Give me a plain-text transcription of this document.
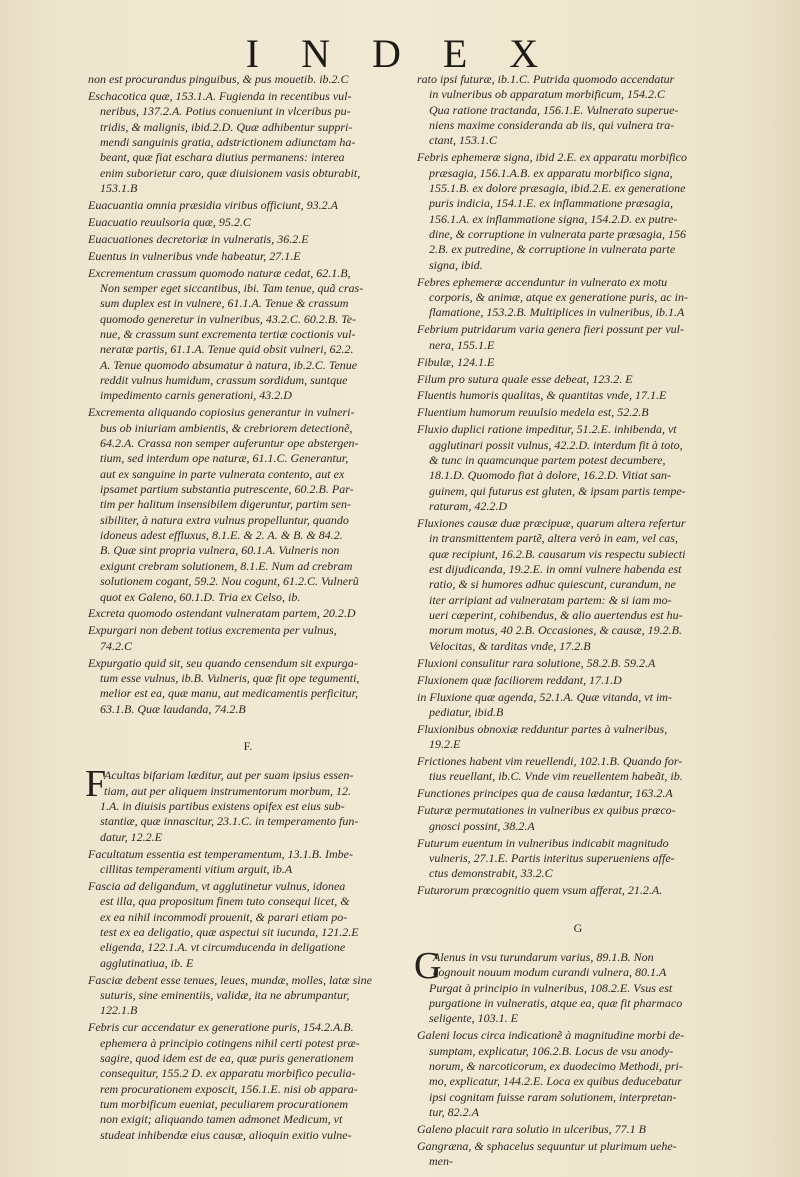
I N D E X
non est procurandus pinguibus, & pus mouetib. ib.2.C
Eschacotica quæ, 153.1.A. Fugienda in recentibus vul-
neribus, 137.2.A. Potius conueniunt in vlceribus pu-
tridis, & malignis, ibid.2.D. Quæ adhibentur suppri-
mendi sanguinis gratia, adstrictionem adiunctam ha-
beant, quæ fiat eschara diutius permanens: interea
enim suborietur caro, quæ diuisionem vasis obturabit,
153.1.B
Euacuantia omnia præsidia viribus officiunt, 93.2.A
Euacuatio reuulsoria quæ, 95.2.C
Euacuationes decretoriæ in vulneratis, 36.2.E
Euentus in vulneribus vnde habeatur, 27.1.E
Excrementum crassum quomodo naturæ cedat, 62.1.B,
Non semper eget siccantibus, ibi. Tam tenue, quã cras-
sum duplex est in vulnere, 61.1.A. Tenue & crassum
quomodo generetur in vulneribus, 43.2.C. 60.2.B. Te-
nue, & crassum sunt excrementa tertiæ coctionis vul-
neratæ partis, 61.1.A. Tenue quid obsit vulneri, 62.2.
A. Tenue quomodo absumatur à natura, ib.2.C. Tenue
reddit vulnus humidum, crassum sordidum, suntque
impedimento carnis generationi, 43.2.D
Excrementa aliquando copiosius generantur in vulneri-
bus ob iniuriam ambientis, & crebriorem detectionẽ,
64.2.A. Crassa non semper auferuntur ope abstergen-
tium, sed interdum ope naturæ, 61.1.C. Generantur,
aut ex sanguine in parte vulnerata contento, aut ex
ipsamet partium substantia putrescente, 60.2.B. Par-
tim per halitum insensibilem digeruntur, partim sen-
sibiliter, à natura extra vulnus propelluntur, quando
idoneus adest effluxus, 8.1.E. & 2. A. & B. & 84.2.
B. Quæ sint propria vulnera, 60.1.A. Vulneris non
exigunt crebram solutionem, 8.1.E. Num ad crebram
solutionem cogant, 59.2. Nou cogunt, 61.2.C. Vulnerũ
quot ex Galeno, 60.1.D. Tria ex Celso, ib.
Excreta quomodo ostendant vulneratam partem, 20.2.D
Expurgari non debent totius excrementa per vulnus,
74.2.C
Expurgatio quid sit, seu quando censendum sit expurga-
tum esse vulnus, ib.B. Vulneris, quæ fit ope tegumenti,
melior est ea, quæ manu, aut medicamentis perficitur,
63.1.B. Quæ laudanda, 74.2.B
F.
F
Acultas bifariam læditur, aut per suam ipsius essen-
tiam, aut per aliquem instrumentorum morbum, 12.
1.A. in diuisis partibus existens opifex est eius sub-
stantiæ, quæ innascitur, 23.1.C. in temperamento fun-
datur, 12.2.E
Facultatum essentia est temperamentum, 13.1.B. Imbe-
cillitas temperamenti vitium arguit, ib.A
Fascia ad deligandum, vt agglutinetur vulnus, idonea
est illa, qua propositum finem tuto consequi licet, &
ex ea nihil incommodi prouenit, & parari etiam po-
test ex ea deligatio, quæ aspectui sit iucunda, 121.2.E
eligenda, 122.1.A. vt circumducenda in deligatione
agglutinatiua, ib. E
Fasciæ debent esse tenues, leues, mundæ, molles, latæ sine
suturis, sine eminentiis, validæ, ita ne abrumpantur,
122.1.B
Febris cur accendatur ex generatione puris, 154.2.A.B.
ephemera à principio cotingens nihil certi potest præ-
sagire, quod idem est de ea, quæ puris generationem
consequitur, 155.2 D. ex apparatu morbifico peculia-
rem procurationem exposcit, 156.1.E. nisi ob appara-
tum morbificum eueniat, peculiarem procurationem
non exigit; aliquando tamen admonet Medicum, vt
studeat inhibendæ eius causæ, alioquin exitio vulne-
rato ipsi futuræ, ib.1.C. Putrida quomodo accendatur
in vulneribus ob apparatum morbificum, 154.2.C
Qua ratione tractanda, 156.1.E. Vulnerato superue-
niens maxime consideranda ab iis, qui vulnera tra-
ctant, 153.1.C
Febris ephemeræ signa, ibid 2.E. ex apparatu morbifico
præsagia, 156.1.A.B. ex apparatu morbifico signa,
155.1.B. ex dolore præsagia, ibid.2.E. ex generatione
puris indicia, 154.1.E. ex inflammatione præsagia,
156.1.A. ex inflammatione signa, 154.2.D. ex putre-
dine, & corruptione in vulnerata parte præsagia, 156
2.B. ex putredine, & corruptione in vulnerata parte
signa, ibid.
Febres ephemeræ accenduntur in vulnerato ex motu
corporis, & animæ, atque ex generatione puris, ac in-
flamatione, 153.2.B. Multiplices in vulneribus, ib.1.A
Febrium putridarum varia genera fieri possunt per vul-
nera, 155.1.E
Fibulæ, 124.1.E
Filum pro sutura quale esse debeat, 123.2. E
Fluentis humoris qualitas, & quantitas vnde, 17.1.E
Fluentium humorum reuulsio medela est, 52.2.B
Fluxio duplici ratione impeditur, 51.2.E. inhibenda, vt
agglutinari possit vulnus, 42.2.D. interdum fit à toto,
& tunc in quamcunque partem potest decumbere,
18.1.D. Quomodo fiat à dolore, 16.2.D. Vitiat san-
guinem, qui futurus est gluten, & ipsam partis tempe-
raturam, 42.2.D
Fluxiones causæ duæ præcipuæ, quarum altera refertur
in transmittentem partẽ, altera verò in eam, vel cas,
quæ recipiunt, 16.2.B. causarum vis respectu subiecti
est dijudicanda, 19.2.E. in omni vulnere habenda est
ratio, & si humores adhuc quiescunt, curandum, ne
iter arripiant ad vulneratam partem: & si iam mo-
ueri cæperint, cohibendus, & alio auertendus est hu-
morum motus, 40 2.B. Occasiones, & causæ, 19.2.B.
Velocitas, & tarditas vnde, 17.2.B
Fluxioni consulitur rara solutione, 58.2.B. 59.2.A
Fluxionem quæ faciliorem reddant, 17.1.D
in Fluxione quæ agenda, 52.1.A. Quæ vitanda, vt im-
pediatur, ibid.B
Fluxionibus obnoxiæ redduntur partes à vulneribus,
19.2.E
Frictiones habent vim reuellendi, 102.1.B. Quando for-
tius reuellant, ib.C. Vnde vim reuellentem habeãt, ib.
Functiones principes qua de causa lædantur, 163.2.A
Futuræ permutationes in vulneribus ex quibus præco-
gnosci possint, 38.2.A
Futurum euentum in vulneribus indicabit magnitudo
vulneris, 27.1.E. Partis interitus superueniens affe-
ctus demonstrabit, 33.2.C
Futurorum prœcognitio quem vsum afferat, 21.2.A.
G
G
Alenus in vsu turundarum varius, 89.1.B. Non
cognouit nouum modum curandi vulnera, 80.1.A
Purgat à principio in vulneribus, 108.2.E. Vsus est
purgatione in vulneratis, atque ea, quæ fit pharmaco
seligente, 103.1. E
Galeni locus circa indicationẽ à magnitudine morbi de-
sumptam, explicatur, 106.2.B. Locus de vsu anody-
norum, & narcoticorum, ex duodecimo Methodi, pri-
mo, explicatur, 144.2.E. Loca ex quibus deducebatur
ipsi cognitam fuisse raram solutionem, interpretan-
tur, 82.2.A
Galeno placuit rara solutio in ulceribus, 77.1 B
Gangræna, & sphacelus sequuntur ut plurimum uehe-
men-
